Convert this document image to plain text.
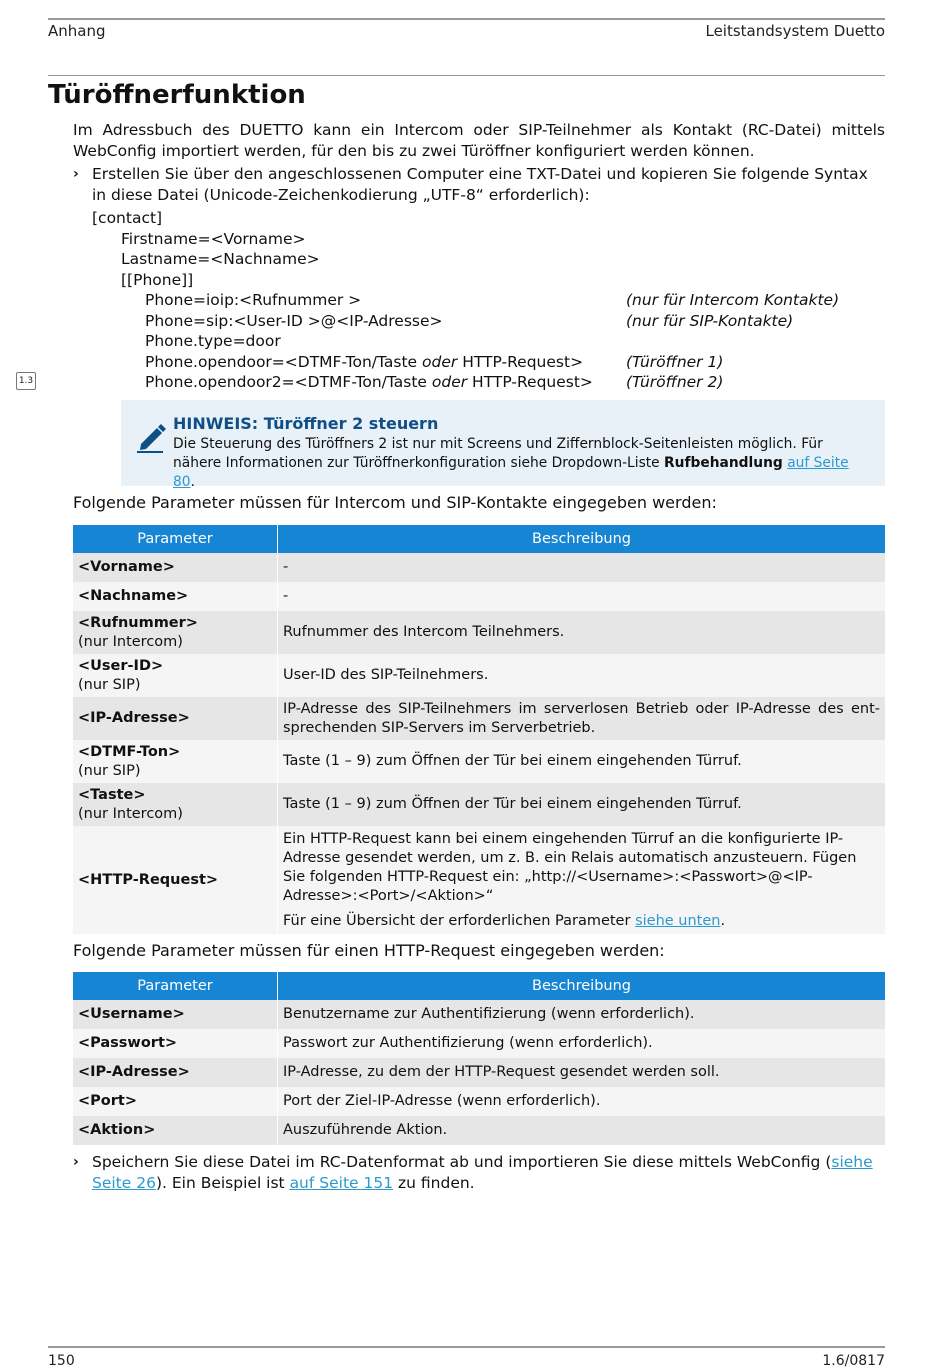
Anhang	Leitstandsystem Duetto
Türöffnerfunktion
1.3

Im Adressbuch des DUETTO kann ein Intercom oder SIP-Teilnehmer als Kontakt (RC-Datei) mittels WebConfig importiert werden, für den bis zu zwei Türöffner konfiguriert werden können.

› Erstellen Sie über den angeschlossenen Computer eine TXT-Datei und kopieren Sie folgende Syntax in diese Datei (Unicode-Zeichenkodierung „UTF-8“ erforderlich):

[contact]
Firstname=<Vorname>
Lastname=<Nachname>
[[Phone]]
Phone=ioip:<Rufnummer >	(nur für Intercom Kontakte)
Phone=sip:<User-ID >@<IP-Adresse>	(nur für SIP-Kontakte)
Phone.type=door
Phone.opendoor=<DTMF-Ton/Taste oder HTTP-Request>	(Türöffner 1)
Phone.opendoor2=<DTMF-Ton/Taste oder HTTP-Request>	(Türöffner 2)
HINWEIS: Türöffner 2 steuern
Die Steuerung des Türöffners 2 ist nur mit Screens und Ziffernblock-Seitenleisten möglich. Für nähere Informationen zur Türöffnerkonfiguration siehe Dropdown-Liste Rufbehandlung auf Seite 80.
Folgende Parameter müssen für Intercom und SIP-Kontakte eingegeben werden:
Parameter	Beschreibung
<Vorname>	-
<Nachname>	-
<Rufnummer>
(nur Intercom)	Rufnummer des Intercom Teilnehmers.
<User-ID>
(nur SIP)	User-ID des SIP-Teilnehmers.
<IP-Adresse>	IP-Adresse des SIP-Teilnehmers im serverlosen Betrieb oder IP-Adresse des ent-sprechenden SIP-Servers im Serverbetrieb.
<DTMF-Ton>
(nur SIP)	Taste (1 – 9) zum Öffnen der Tür bei einem eingehenden Türruf.
<Taste>
(nur Intercom)	Taste (1 – 9) zum Öffnen der Tür bei einem eingehenden Türruf.
<HTTP-Request>	Ein HTTP-Request kann bei einem eingehenden Türruf an die konfigurierte IP-Adresse gesendet werden, um z. B. ein Relais automatisch anzusteuern. Fügen Sie folgenden HTTP-Request ein: „http://<Username>:<Passwort>@<IP-Adresse>:<Port>/<Aktion>“
Für eine Übersicht der erforderlichen Parameter siehe unten.
Folgende Parameter müssen für einen HTTP-Request eingegeben werden:
Parameter	Beschreibung
<Username>	Benutzername zur Authentifizierung (wenn erforderlich).
<Passwort>	Passwort zur Authentifizierung (wenn erforderlich).
<IP-Adresse>	IP-Adresse, zu dem der HTTP-Request gesendet werden soll.
<Port>	Port der Ziel-IP-Adresse (wenn erforderlich).
<Aktion>	Auszuführende Aktion.
› Speichern Sie diese Datei im RC-Datenformat ab und importieren Sie diese mittels WebConfig (siehe Seite 26). Ein Beispiel ist auf Seite 151 zu finden.
150	1.6/0817
